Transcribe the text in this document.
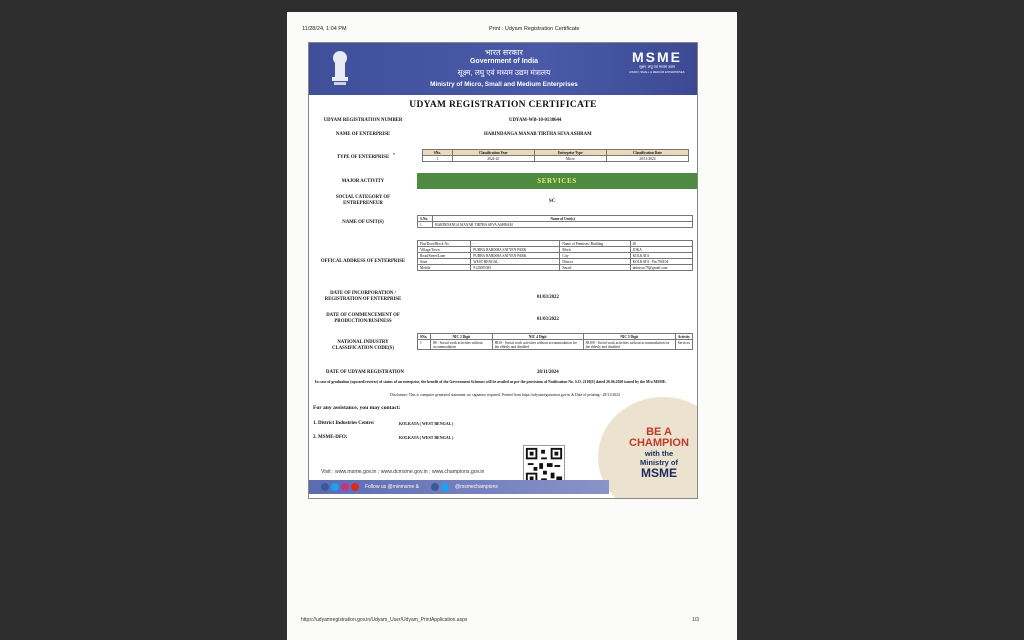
11/28/24, 1:04 PM	Print : Udyam Registration Certificate
भारत सरकार
Government of India
सूक्ष्म, लघु एवं मध्यम उद्यम मंत्रालय
Ministry of Micro, Small and Medium Enterprises
MSME
सूक्ष्म, लघु एवं मध्यम उद्यम
MICRO, SMALL & MEDIUM ENTERPRISES
UDYAM REGISTRATION CERTIFICATE
UDYAM REGISTRATION NUMBER	UDYAM-WB-10-0138644
NAME OF ENTERPRISE	HARINDANGA MANAB TIRTHA SEVA ASHRAM
TYPE OF ENTERPRISE
*	SNo.	Classification Year	Enterprise Type	Classification Date
1	2024-25	Micro	28/11/2024
MAJOR ACTIVITY	SERVICES
SOCIAL CATEGORY OF ENTREPRENEUR	SC
NAME OF UNIT(S)
S.No.	Name of Unit(s)
1	HARINDANGA MANAB TIRTHA SEVA ASHRAM
OFFICAL ADDRESS OF ENTERPRISE
Flat/Door/Block No.	-	Name of Premises/ Building	40
Village/Town	PURBA BARISHA SATYEN PARK	Block	JOKA
Road/Street/Lane	PURBA BARISHA SATYEN PARK	City	KOLKATA
State	WEST BENGAL	District	KOLKATA , Pin 700104
Mobile	9123005381	Email:	dnbsisoc79@gmail.com
DATE OF INCORPORATION / REGISTRATION OF ENTERPRISE	01/03/2022
DATE OF COMMENCEMENT OF PRODUCTION/BUSINESS	01/03/2022
NATIONAL INDUSTRY CLASSIFICATION CODE(S)
SNo.	NIC 2 Digit	NIC 4 Digit	NIC 5 Digit	Activity
1	88 - Social work activities without accommodation	8810 - Social work activities without accommodation for the elderly and disabled	88100 - Social work activities without accommodation for the elderly and disabled	Services
DATE OF UDYAM REGISTRATION	28/11/2024
In case of graduation (upward/reverse) of status of an enterprise, the benefit of the Government Schemes will be availed as per the provisions of Notification No. S.O. 2119(E) dated 26.06.2020 issued by the M/o MSME.
Disclaimer: This is computer generated statement, no signature required. Printed from https://udyamregistration.gov.in & Date of printing:- 28/11/2024
For any assistance, you may contact:
1. District Industries Centre:	KOLKATA ( WEST BENGAL )
2. MSME-DFO:	KOLKATA ( WEST BENGAL )	BE A
CHAMPION
with the
Ministry of
MSME
Visit : www.msme.gov.in ; www.dcmsme.gov.in ; www.champions.gov.in
Follow us @minmsme &	@msmechampions
https://udyamregistration.gov.in/Udyam_User/Udyam_PrintApplication.aspx	1/3
